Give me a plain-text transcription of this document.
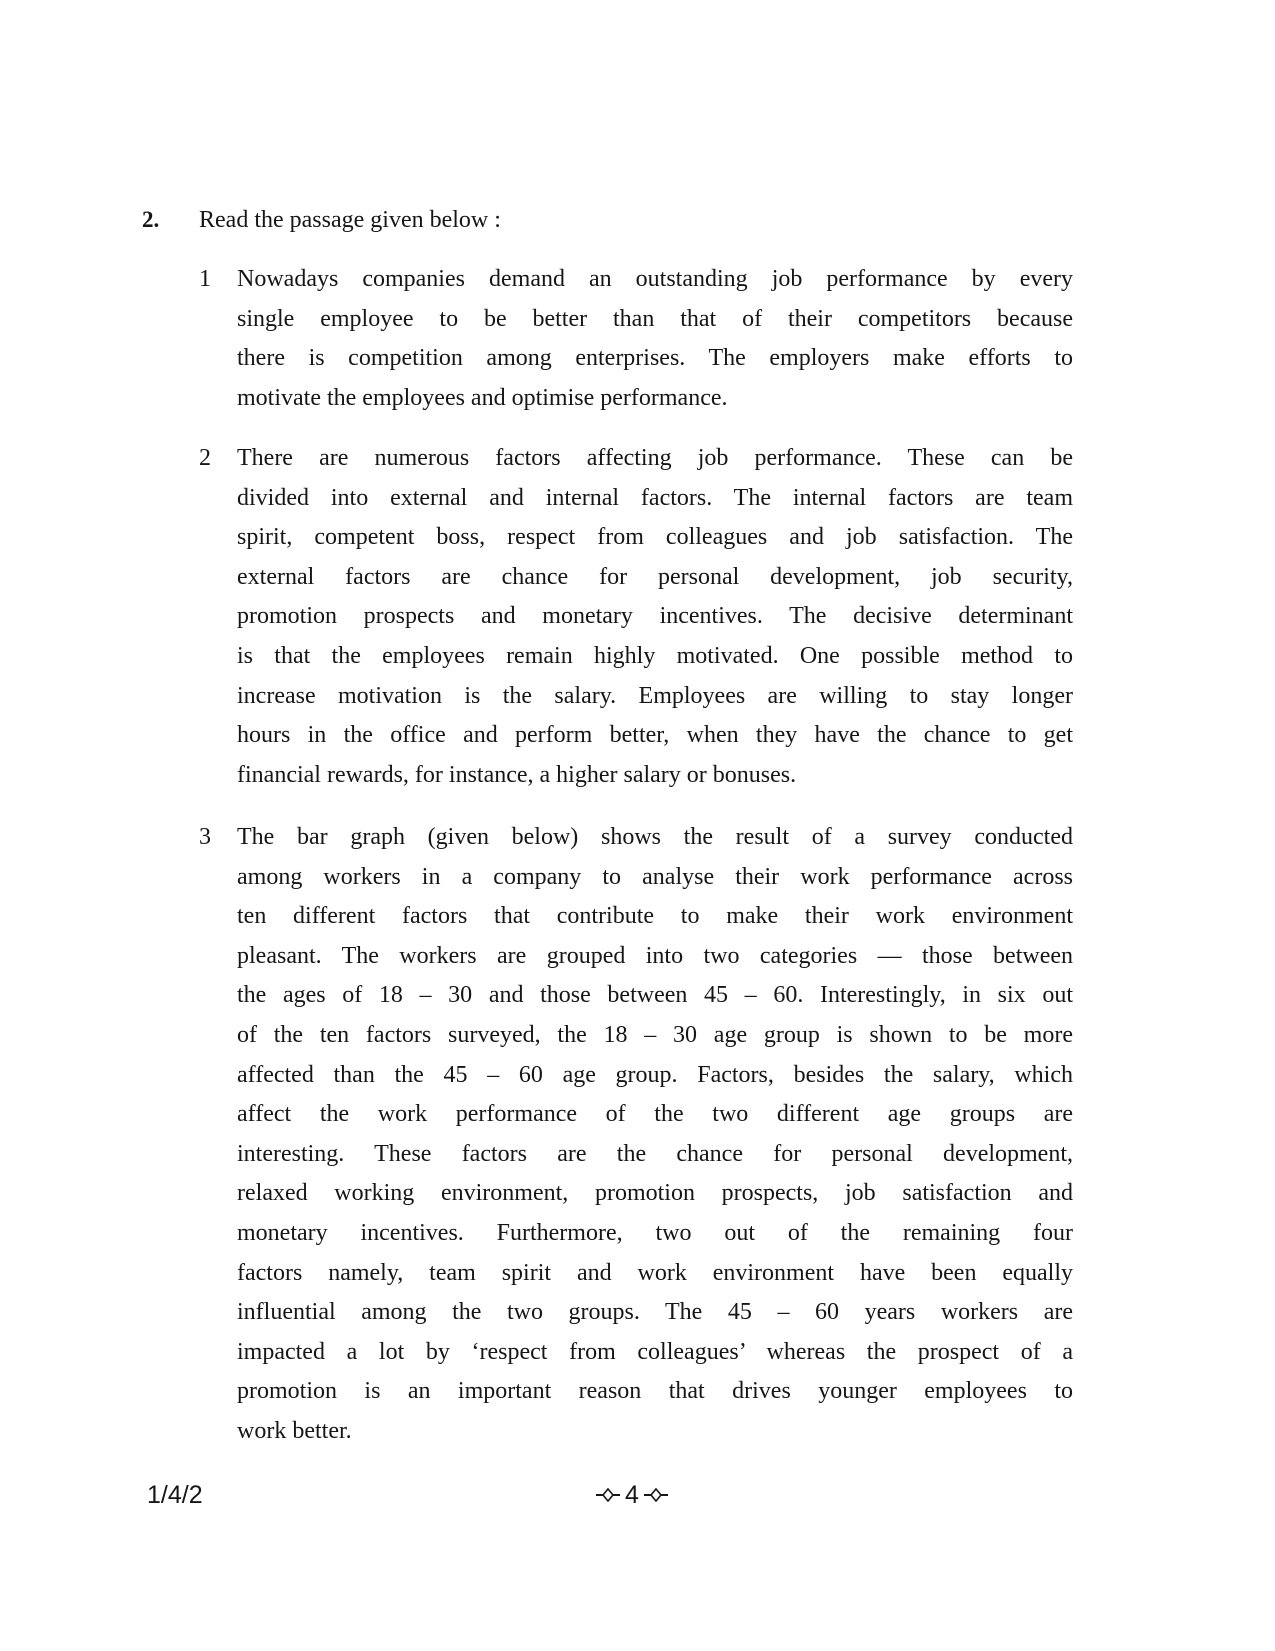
2. Read the passage given below :
1	Nowadays companies demand an outstanding job performance by every
single employee to be better than that of their competitors because
there is competition among enterprises. The employers make efforts to
motivate the employees and optimise performance.
2	There are numerous factors affecting job performance. These can be
divided into external and internal factors. The internal factors are team
spirit, competent boss, respect from colleagues and job satisfaction. The
external factors are chance for personal development, job security,
promotion prospects and monetary incentives. The decisive determinant
is that the employees remain highly motivated. One possible method to
increase motivation is the salary. Employees are willing to stay longer
hours in the office and perform better, when they have the chance to get
financial rewards, for instance, a higher salary or bonuses.
3	The bar graph (given below) shows the result of a survey conducted
among workers in a company to analyse their work performance across
ten different factors that contribute to make their work environment
pleasant. The workers are grouped into two categories — those between
the ages of 18 – 30 and those between 45 – 60. Interestingly, in six out
of the ten factors surveyed, the 18 – 30 age group is shown to be more
affected than the 45 – 60 age group. Factors, besides the salary, which
affect the work performance of the two different age groups are
interesting. These factors are the chance for personal development,
relaxed working environment, promotion prospects, job satisfaction and
monetary incentives. Furthermore, two out of the remaining four
factors namely, team spirit and work environment have been equally
influential among the two groups. The 45 – 60 years workers are
impacted a lot by ‘respect from colleagues’ whereas the prospect of a
promotion is an important reason that drives younger employees to
work better.
1/4/2	4
